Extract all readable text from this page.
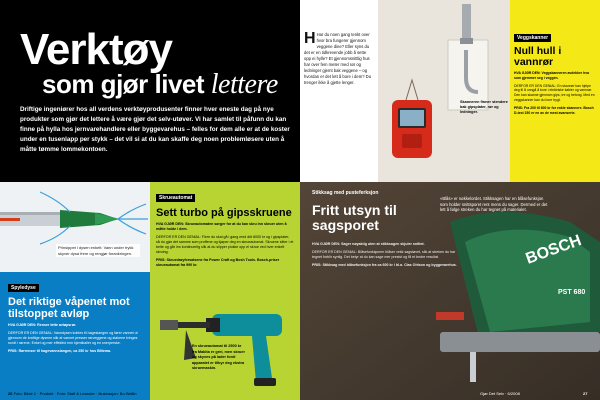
Verktøy
som gjør livet lettere

Driftige ingeniører hos all verdens verktøyprodusenter finner hver eneste dag på nye produkter som gjør det lettere å være gjør det selv-utøver. Vi har samlet til påfunn du kan finne på hylla hos jernvarehandlere eller byggevarehus – felles for dem alle er at de koster under en tusenlapp per stykk – det vil si at du kan skaffe deg noen problemløsere uten å måtte tømme lommekontoen.

Prinsippet i dysen enkelt: Vann under trykk skyver dysa frem og rengjør forankringen.
Spyledyse
Det riktige våpenet mot tilstoppet avløp

HVA GJØR DEN: Renser tette avløpsrør.

DERFOR ER DEN GENIAL: Vanndysen kobles til hageslangen og fører vannet ut gjennom de kraftige dysene slik at vannet presser rørveggene og stakene tvinges rundt i rørene. Enkel og mer effektivt enn kjemikalier og en snerperske.

PRIS: Rørrenser til hagevannslangen, ca 250 kr hos Biltema.

Skrueautomat
Sett turbo på gipsskruene

HVA GJØR DEN: Skrueautomaten sørger for at du kan skru inn skruer uten å måtte holde i dem.

DERFOR ER DEN GENIAL: Flere du skal gå i gang med ditt 8000 kr og i gipsplater, så du gjør det samme som proffene og kjøper deg en skrueautomat. Skruene sitter i et belte og går inn kontinuerlig slik at du slipper plukke opp ei skrue ved hver enkelt skruing.

PRIS: Skruedrøyforsatsene fra Power Craft og Bosh Tools. Bosch-priser skrueautomat fra 990 kr.

En skrueautomat til 2500 kr fra Makita er grei, men skruer og skyves på lader fordi apparatet er tilbyr deg ekstra skruemaskin.
26 Foto: Bilde 1 · Produkt · Foto: Staff & Leander · Illustrasjon: Bo Wallin
H Har du noen gang tenkt over hvor bra fungerer gjennom veggene dine? Eller syns du det er en tidkrevende jobb å sette opp ei hylle? Et gjennomsnittlig hus har over fem meter med rør og ledninger gjemt bak veggene – og hvordan er det lett å bore i dem? Du trenger ikke å gjette lenger.
Skanneren finner stendere bak gipsplater, rør og ledninger.
Veggskanner
Null hull i vannrør

HVA GJØR DEN: Veggskanneren avdekker hva som gjemmer seg i veggen.

DERFOR ER DEN GENIAL: En skanner kan hjelpe deg til å unngå å bore i elektriske kabler og vannrør. Den kan skanne gjennom gips, tre og betong. Med en veggskanner kan du bore trygt.

PRIS: Fra 200 til 600 kr for enkle skannere. Bosch D-tect 150 er en av de mest avanserte.

BOSCH
PST 680
Stikksag med pusteferksjon
Fritt utsyn til sagsporet

HVA GJØR DEN: Sager nøyaktig uten at stikksagen skjuler snittet.

DERFOR ER DEN GENIAL: Blåsefunksjonen blåser vekk sagstøvet, slik at streken du har tegnet forblir synlig. Det betyr at du kan sage mer presist og få et bedre resultat.

PRIS: Stikksag med blåsefunksjon fra ca 600 kr i bl.a. Clas Ohlson og byggevarehus.

«Blås» er nøkkelordet. Stikksagen har en blåsefunksjon som holder snittsporet rent mens du sager. Dermed er det lett å følge streken du har tegnet på materialet.
Gjør Det Selv · 6/2008	27
